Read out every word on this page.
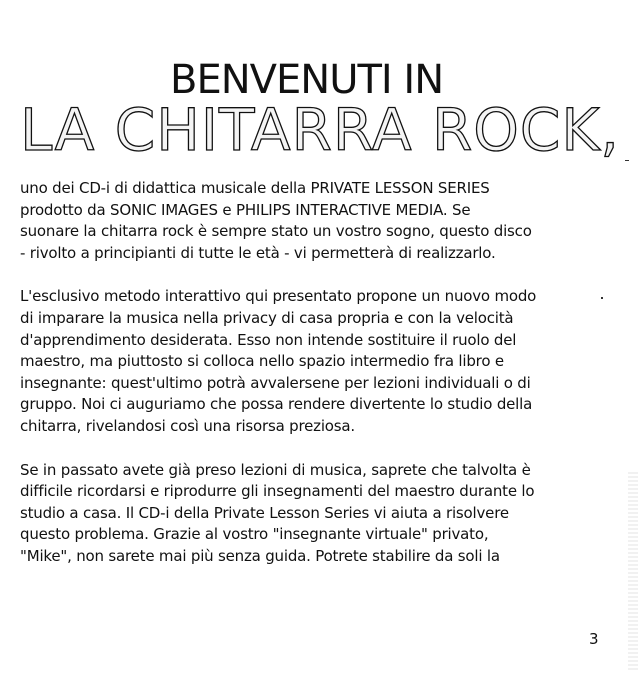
BENVENUTI IN
LA CHITARRA ROCK,

uno dei CD-i di didattica musicale della PRIVATE LESSON SERIES
prodotto da SONIC IMAGES e PHILIPS INTERACTIVE MEDIA. Se
suonare la chitarra rock è sempre stato un vostro sogno, questo disco
- rivolto a principianti di tutte le età - vi permetterà di realizzarlo.

L'esclusivo metodo interattivo qui presentato propone un nuovo modo
di imparare la musica nella privacy di casa propria e con la velocità
d'apprendimento desiderata. Esso non intende sostituire il ruolo del
maestro, ma piuttosto si colloca nello spazio intermedio fra libro e
insegnante: quest'ultimo potrà avvalersene per lezioni individuali o di
gruppo. Noi ci auguriamo che possa rendere divertente lo studio della
chitarra, rivelandosi così una risorsa preziosa.

Se in passato avete già preso lezioni di musica, saprete che talvolta è
difficile ricordarsi e riprodurre gli insegnamenti del maestro durante lo
studio a casa. Il CD-i della Private Lesson Series vi aiuta a risolvere
questo problema. Grazie al vostro "insegnante virtuale" privato,
"Mike", non sarete mai più senza guida. Potrete stabilire da soli la

3
